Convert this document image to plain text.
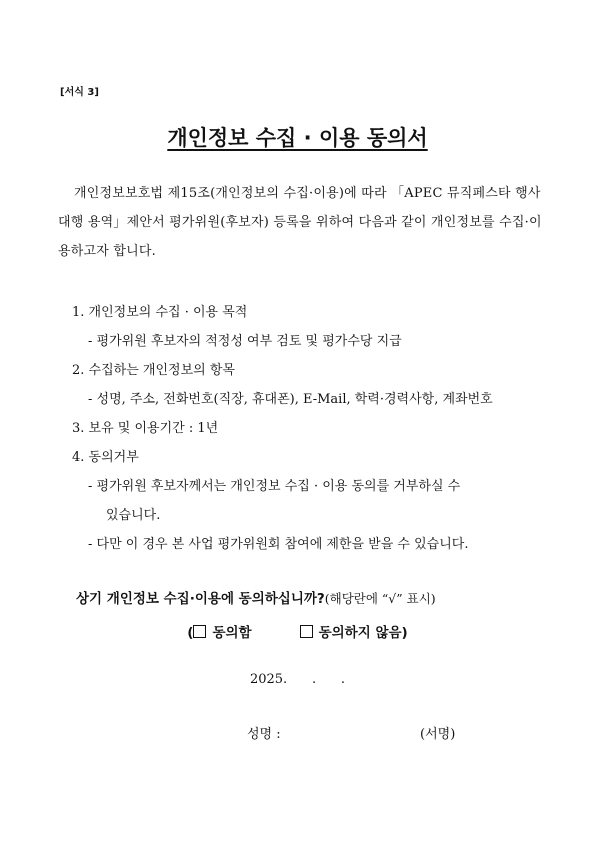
[서식 3]
개인정보 수집 · 이용 동의서
개인정보보호법 제15조(개인정보의 수집·이용)에 따라 「APEC 뮤직페스타 행사 대행 용역」제안서 평가위원(후보자) 등록을 위하여 다음과 같이 개인정보를 수집·이용하고자 합니다.
1. 개인정보의 수집 · 이용 목적
- 평가위원 후보자의 적정성 여부 검토 및 평가수당 지급
2. 수집하는 개인정보의 항목
- 성명, 주소, 전화번호(직장, 휴대폰), E-Mail, 학력·경력사항, 계좌번호
3. 보유 및 이용기간 : 1년
4. 동의거부
- 평가위원 후보자께서는 개인정보 수집 · 이용 동의를 거부하실 수
있습니다.
- 다만 이 경우 본 사업 평가위원회 참여에 제한을 받을 수 있습니다.
상기 개인정보 수집·이용에 동의하십니까?(해당란에 “√” 표시)
( 동의함	동의하지 않음)
2025.      .      .
성명 :	(서명)
